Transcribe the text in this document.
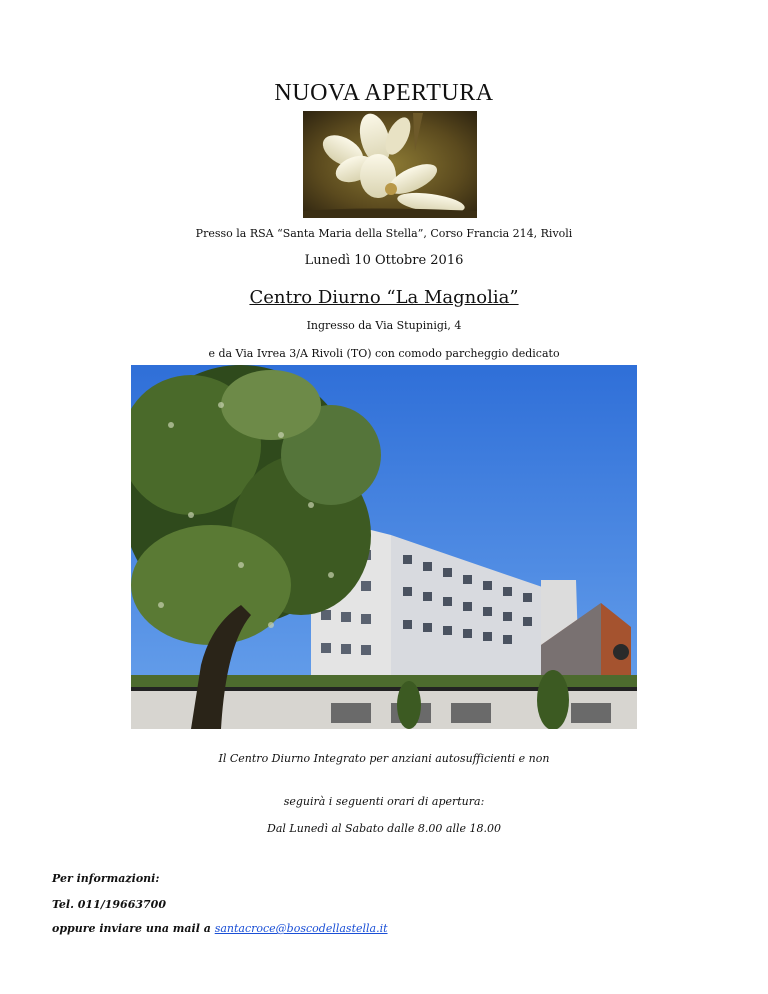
NUOVA APERTURA
Presso la RSA “Santa Maria della Stella”, Corso Francia 214, Rivoli
Lunedì 10 Ottobre 2016
Centro Diurno “La Magnolia”
Ingresso da Via Stupinigi, 4
e da Via Ivrea 3/A Rivoli (TO) con comodo parcheggio dedicato
Il Centro Diurno Integrato per anziani autosufficienti e non
seguirà i seguenti orari di apertura:
Dal Lunedì al Sabato dalle 8.00 alle 18.00
Per informazioni:
Tel. 011/19663700
oppure inviare una mail a santacroce@boscodellastella.it
